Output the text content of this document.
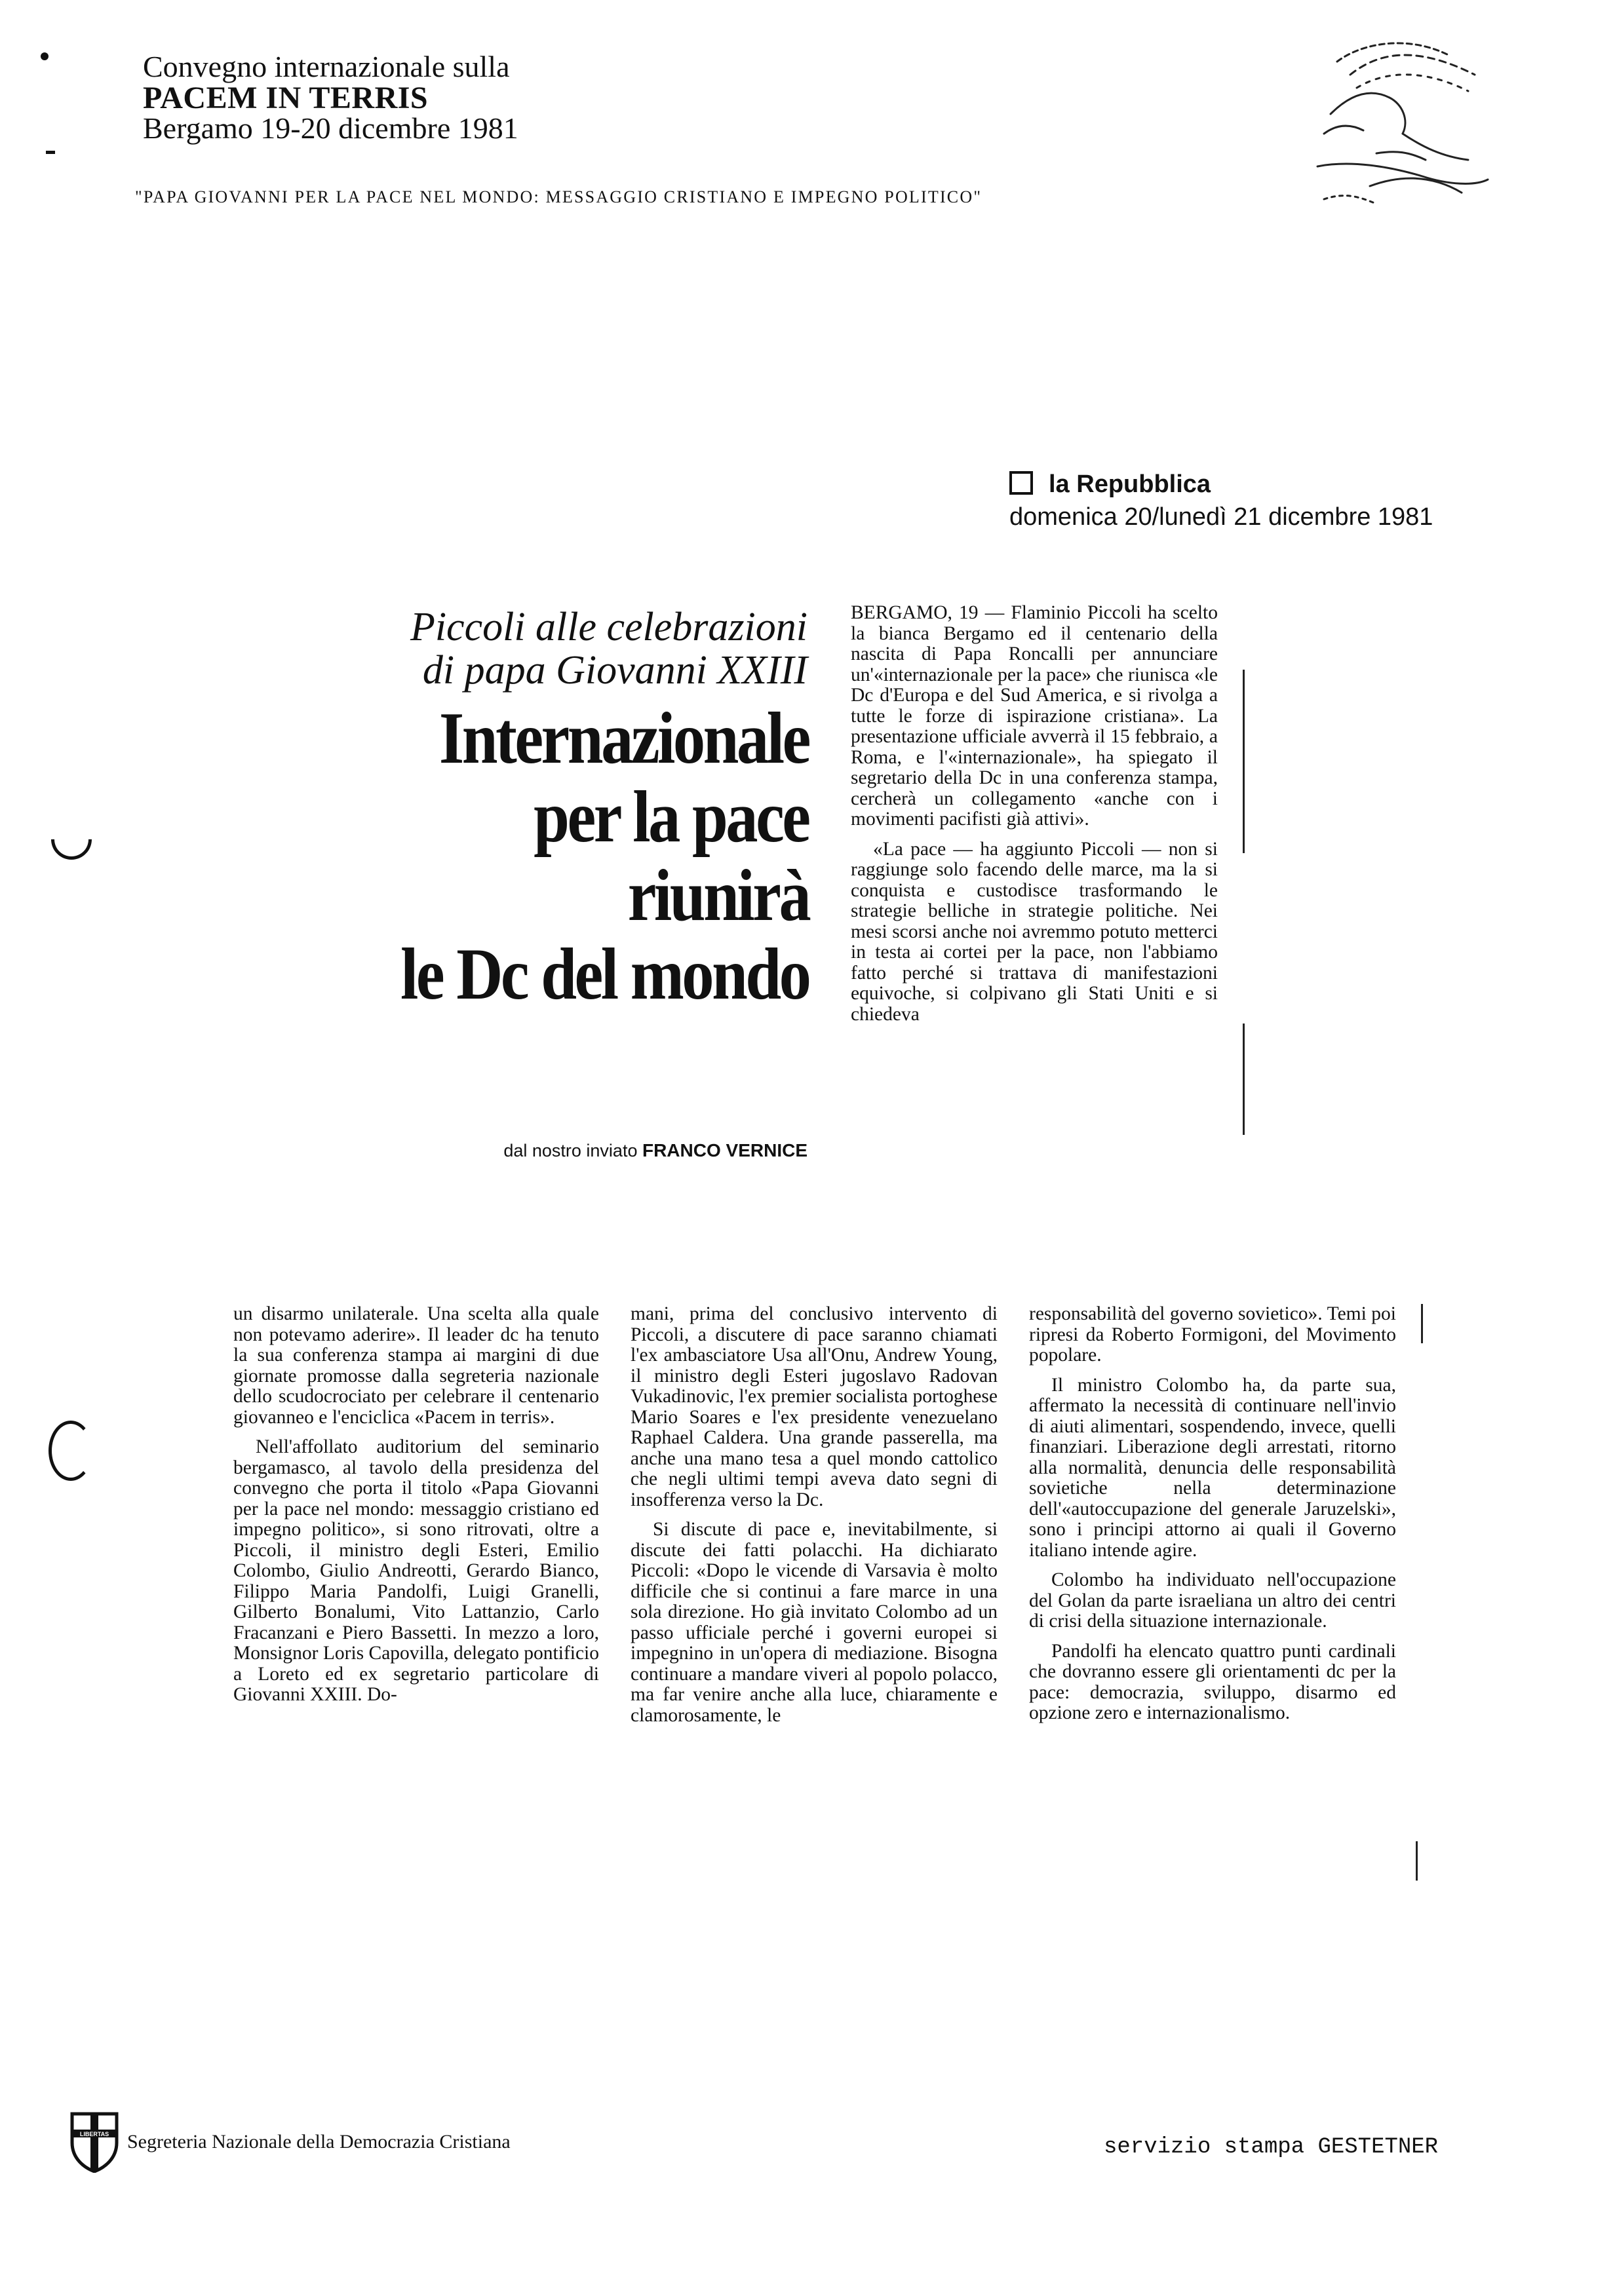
Convegno internazionale sulla
PACEM IN TERRIS
Bergamo 19-20 dicembre 1981
"PAPA GIOVANNI PER LA PACE NEL MONDO: MESSAGGIO CRISTIANO E IMPEGNO POLITICO"
la Repubblica
domenica 20/lunedì 21 dicembre 1981
Piccoli alle celebrazioni
di papa Giovanni XXIII
Internazionale
per la pace
riunirà
le Dc del mondo
dal nostro inviato FRANCO VERNICE

BERGAMO, 19 — Flaminio Piccoli ha scelto la bianca Bergamo ed il centenario della nascita di Papa Roncalli per annunciare un'«internazionale per la pace» che riunisca «le Dc d'Europa e del Sud America, e si rivolga a tutte le forze di ispirazione cristiana». La presentazione ufficiale avverrà il 15 febbraio, a Roma, e l'«internazionale», ha spiegato il segretario della Dc in una conferenza stampa, cercherà un collegamento «anche con i movimenti pacifisti già attivi».

«La pace — ha aggiunto Piccoli — non si raggiunge solo facendo delle marce, ma la si conquista e custodisce trasformando le strategie belliche in strategie politiche. Nei mesi scorsi anche noi avremmo potuto metterci in testa ai cortei per la pace, non l'abbiamo fatto perché si trattava di manifestazioni equivoche, si colpivano gli Stati Uniti e si chiedeva

un disarmo unilaterale. Una scelta alla quale non potevamo aderire». Il leader dc ha tenuto la sua conferenza stampa ai margini di due giornate promosse dalla segreteria nazionale dello scudocrociato per celebrare il centenario giovanneo e l'enciclica «Pacem in terris».

Nell'affollato auditorium del seminario bergamasco, al tavolo della presidenza del convegno che porta il titolo «Papa Giovanni per la pace nel mondo: messaggio cristiano ed impegno politico», si sono ritrovati, oltre a Piccoli, il ministro degli Esteri, Emilio Colombo, Giulio Andreotti, Gerardo Bianco, Filippo Maria Pandolfi, Luigi Granelli, Gilberto Bonalumi, Vito Lattanzio, Carlo Fracanzani e Piero Bassetti. In mezzo a loro, Monsignor Loris Capovilla, delegato pontificio a Loreto ed ex segretario particolare di Giovanni XXIII. Do-

mani, prima del conclusivo intervento di Piccoli, a discutere di pace saranno chiamati l'ex ambasciatore Usa all'Onu, Andrew Young, il ministro degli Esteri jugoslavo Radovan Vukadinovic, l'ex premier socialista portoghese Mario Soares e l'ex presidente venezuelano Raphael Caldera. Una grande passerella, ma anche una mano tesa a quel mondo cattolico che negli ultimi tempi aveva dato segni di insofferenza verso la Dc.

Si discute di pace e, inevitabilmente, si discute dei fatti polacchi. Ha dichiarato Piccoli: «Dopo le vicende di Varsavia è molto difficile che si continui a fare marce in una sola direzione. Ho già invitato Colombo ad un passo ufficiale perché i governi europei si impegnino in un'opera di mediazione. Bisogna continuare a mandare viveri al popolo polacco, ma far venire anche alla luce, chiaramente e clamorosamente, le

responsabilità del governo sovietico». Temi poi ripresi da Roberto Formigoni, del Movimento popolare.

Il ministro Colombo ha, da parte sua, affermato la necessità di continuare nell'invio di aiuti alimentari, sospendendo, invece, quelli finanziari. Liberazione degli arrestati, ritorno alla normalità, denuncia delle responsabilità sovietiche nella determinazione dell'«autoccupazione del generale Jaruzelski», sono i principi attorno ai quali il Governo italiano intende agire.

Colombo ha individuato nell'occupazione del Golan da parte israeliana un altro dei centri di crisi della situazione internazionale.

Pandolfi ha elencato quattro punti cardinali che dovranno essere gli orientamenti dc per la pace: democrazia, sviluppo, disarmo ed opzione zero e internazionalismo.

LIBERTAS Segreteria Nazionale della Democrazia Cristiana	servizio stampa GESTETNER
